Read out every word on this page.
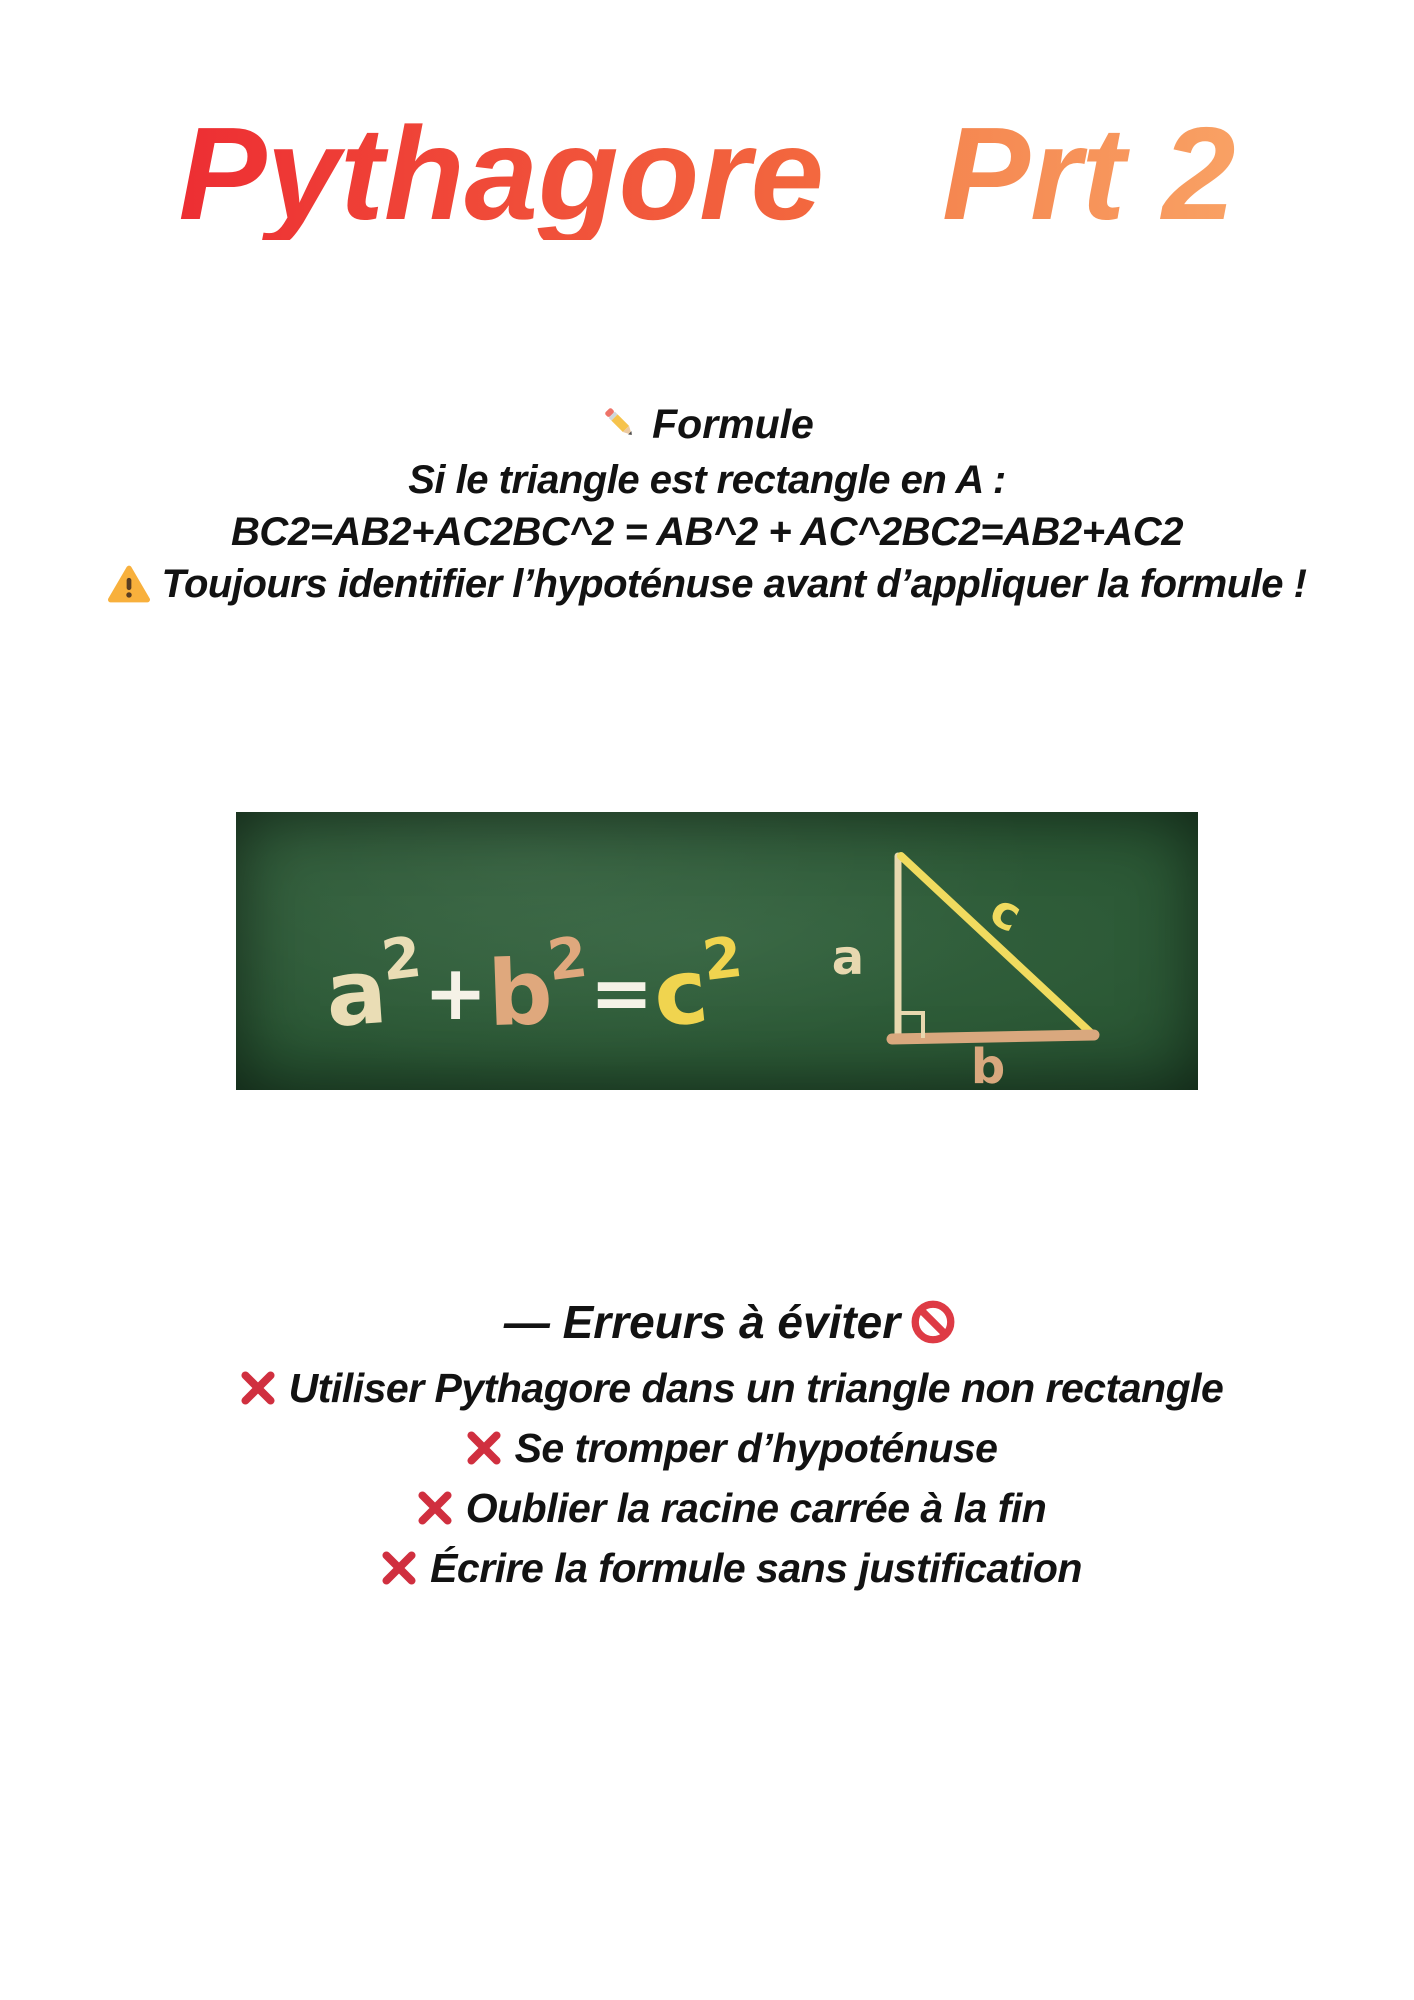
Pythagore Prt 2
Formule
Si le triangle est rectangle en A :
BC2=AB2+AC2BC^2 = AB^2 + AC^2BC2=AB2+AC2
Toujours identifier l’hypoténuse avant d’appliquer la formule !
a2+b2=c2 a
c
b
— Erreurs à éviter
Utiliser Pythagore dans un triangle non rectangle
Se tromper d’hypoténuse
Oublier la racine carrée à la fin
Écrire la formule sans justification
